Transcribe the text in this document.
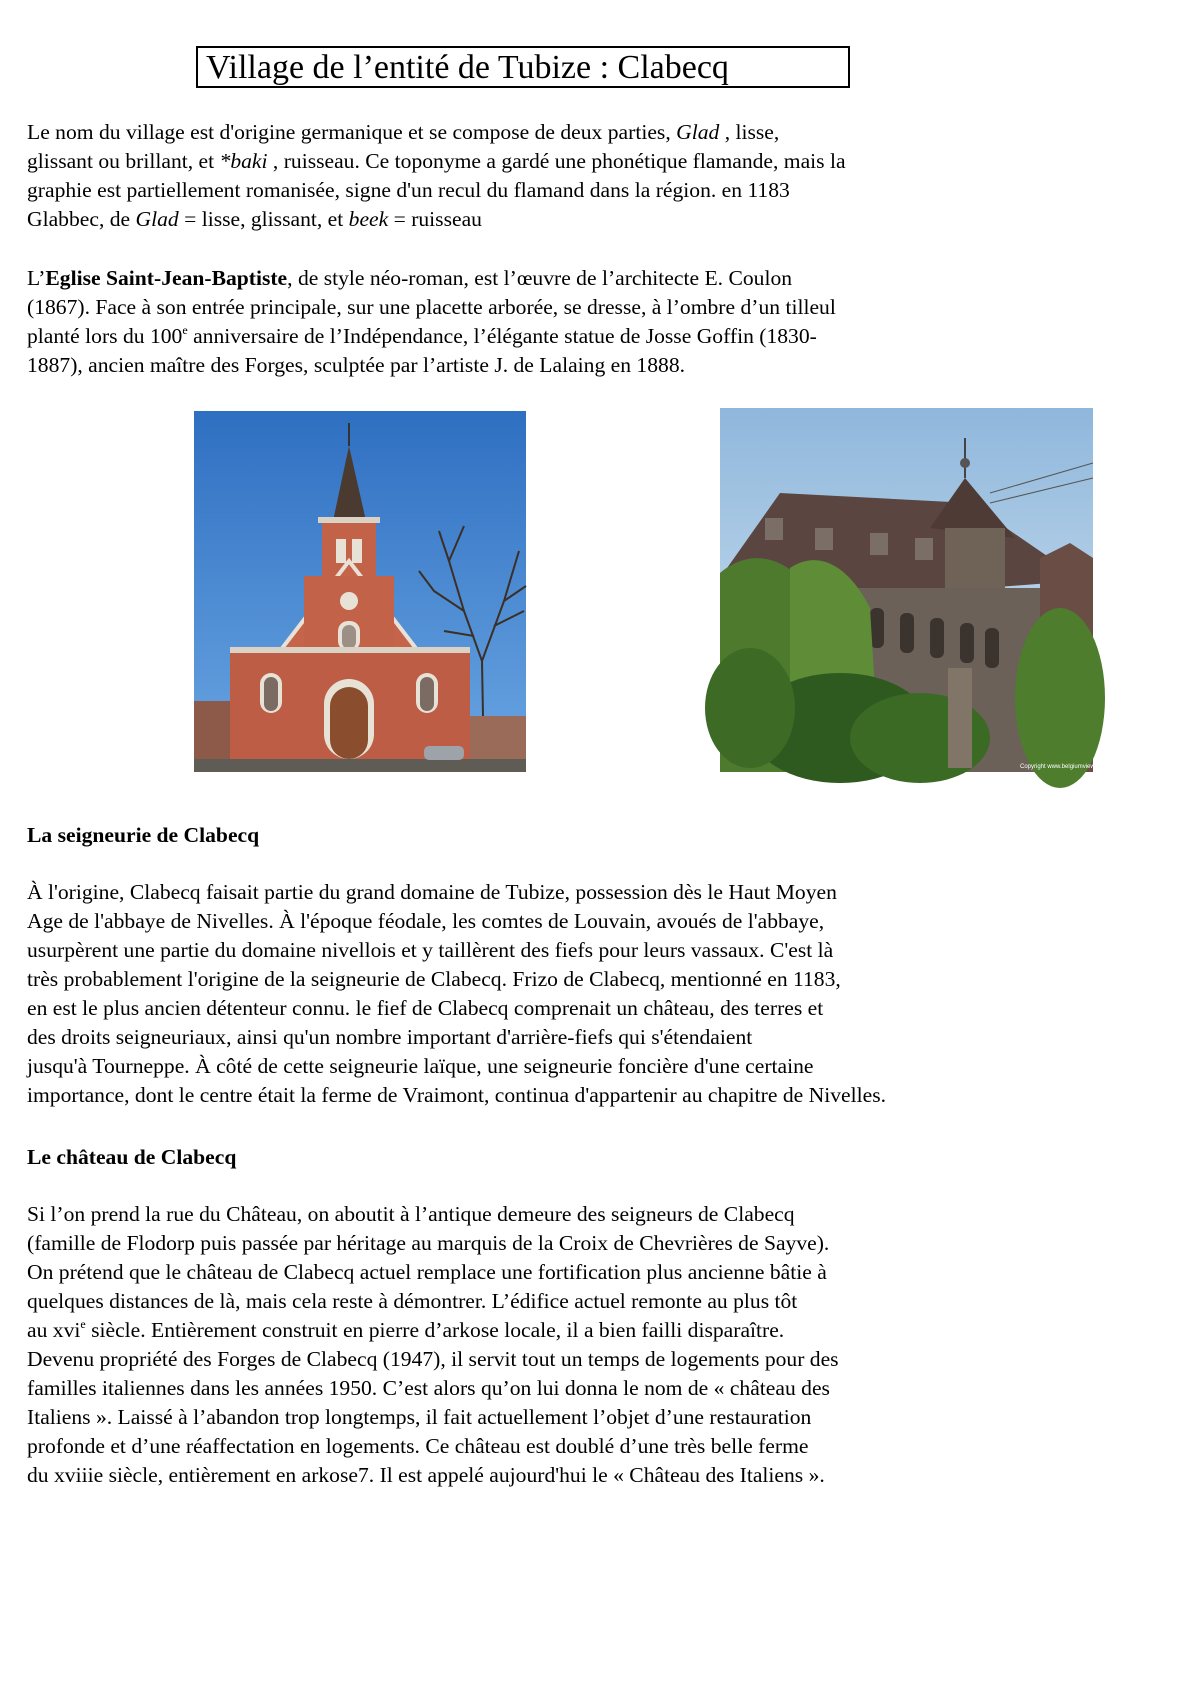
Village de l’entité de Tubize : Clabecq

Le nom du village est d'origine germanique et se compose de deux parties, Glad , lisse,
glissant ou brillant, et *baki , ruisseau. Ce toponyme a gardé une phonétique flamande, mais la
graphie est partiellement romanisée, signe d'un recul du flamand dans la région. en 1183
Glabbec, de Glad = lisse, glissant, et beek = ruisseau

L’Eglise Saint-Jean-Baptiste, de style néo-roman, est l’œuvre de l’architecte E. Coulon
(1867). Face à son entrée principale, sur une placette arborée, se dresse, à l’ombre d’un tilleul
planté lors du 100e anniversaire de l’Indépendance, l’élégante statue de Josse Goffin (1830-
1887), ancien maître des Forges, sculptée par l’artiste J. de Lalaing en 1888.

Copyright www.belgiumview.com
La seigneurie de Clabecq

À l'origine, Clabecq faisait partie du grand domaine de Tubize, possession dès le Haut Moyen
Age de l'abbaye de Nivelles. À l'époque féodale, les comtes de Louvain, avoués de l'abbaye,
usurpèrent une partie du domaine nivellois et y taillèrent des fiefs pour leurs vassaux. C'est là
très probablement l'origine de la seigneurie de Clabecq. Frizo de Clabecq, mentionné en 1183,
en est le plus ancien détenteur connu. le fief de Clabecq comprenait un château, des terres et
des droits seigneuriaux, ainsi qu'un nombre important d'arrière-fiefs qui s'étendaient
jusqu'à Tourneppe. À côté de cette seigneurie laïque, une seigneurie foncière d'une certaine
importance, dont le centre était la ferme de Vraimont, continua d'appartenir au chapitre de Nivelles.

Le château de Clabecq

Si l’on prend la rue du Château, on aboutit à l’antique demeure des seigneurs de Clabecq
(famille de Flodorp puis passée par héritage au marquis de la Croix de Chevrières de Sayve).
On prétend que le château de Clabecq actuel remplace une fortification plus ancienne bâtie à
quelques distances de là, mais cela reste à démontrer. L’édifice actuel remonte au plus tôt
au xvi$^e$ siècle. Entièrement construit en pierre d’arkose locale, il a bien failli disparaître.
Devenu propriété des Forges de Clabecq (1947), il servit tout un temps de logements pour des
familles italiennes dans les années 1950. C’est alors qu’on lui donna le nom de « château des
Italiens ». Laissé à l’abandon trop longtemps, il fait actuellement l’objet d’une restauration
profonde et d’une réaffectation en logements. Ce château est doublé d’une très belle ferme
du xviiie siècle, entièrement en arkose7. Il est appelé aujourd'hui le « Château des Italiens ».
